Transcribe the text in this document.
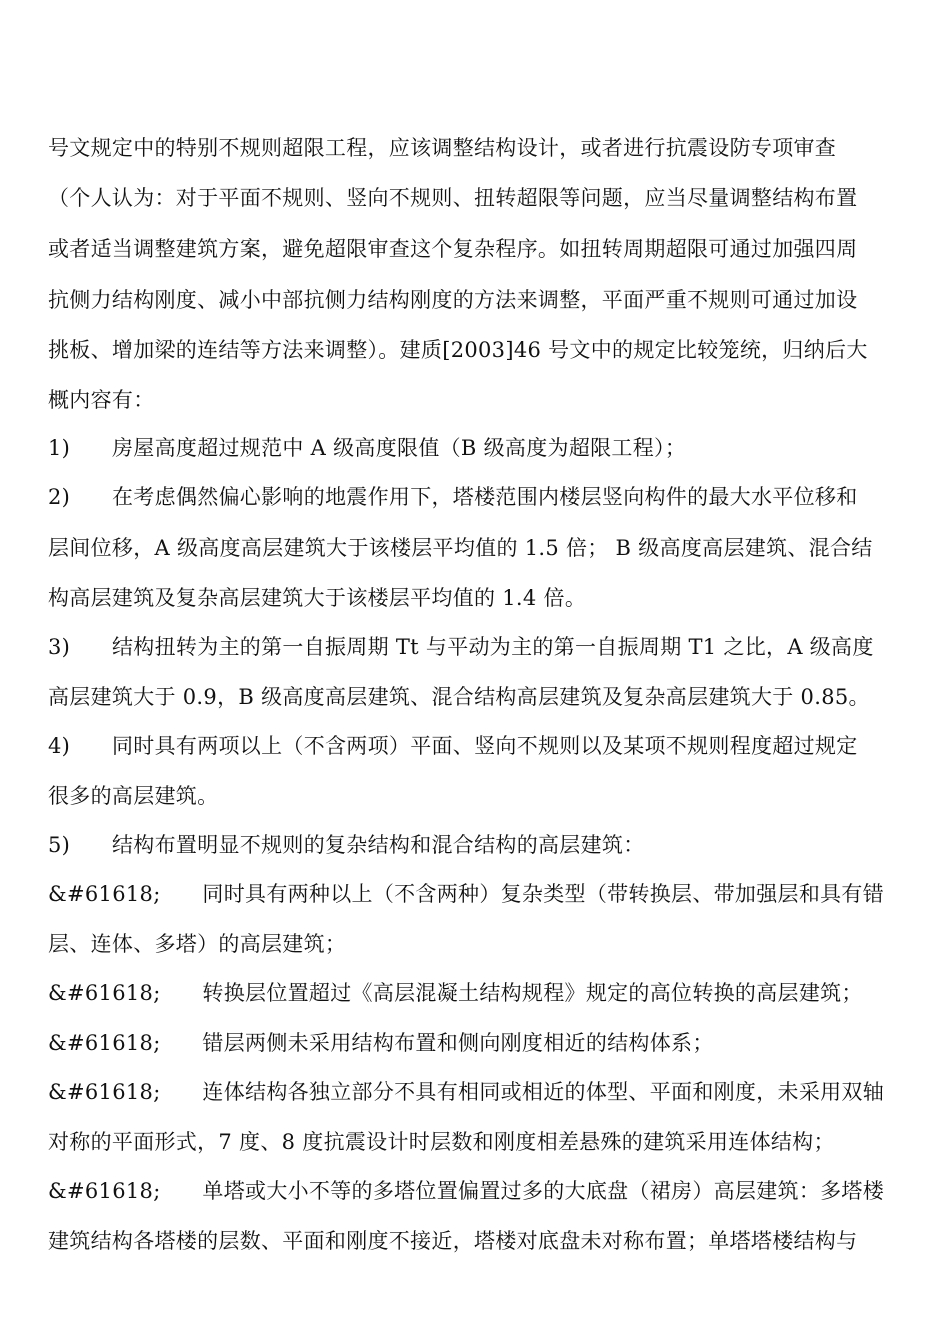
号文规定中的特别不规则超限工程，应该调整结构设计，或者进行抗震设防专项审查
（个人认为：对于平面不规则、竖向不规则、扭转超限等问题，应当尽量调整结构布置
或者适当调整建筑方案，避免超限审查这个复杂程序。如扭转周期超限可通过加强四周
抗侧力结构刚度、减小中部抗侧力结构刚度的方法来调整，平面严重不规则可通过加设
挑板、增加梁的连结等方法来调整）。建质[2003]46 号文中的规定比较笼统，归纳后大
概内容有：
1)      房屋高度超过规范中 A 级高度限值（B 级高度为超限工程）；
2)      在考虑偶然偏心影响的地震作用下，塔楼范围内楼层竖向构件的最大水平位移和
层间位移，A 级高度高层建筑大于该楼层平均值的 1.5 倍； B 级高度高层建筑、混合结
构高层建筑及复杂高层建筑大于该楼层平均值的 1.4 倍。
3)      结构扭转为主的第一自振周期 Tt 与平动为主的第一自振周期 T1 之比，A 级高度
高层建筑大于 0.9，B 级高度高层建筑、混合结构高层建筑及复杂高层建筑大于 0.85。
4)      同时具有两项以上（不含两项）平面、竖向不规则以及某项不规则程度超过规定
很多的高层建筑。
5)      结构布置明显不规则的复杂结构和混合结构的高层建筑：
&#61618;      同时具有两种以上（不含两种）复杂类型（带转换层、带加强层和具有错
层、连体、多塔）的高层建筑；
&#61618;      转换层位置超过《高层混凝土结构规程》规定的高位转换的高层建筑；
&#61618;      错层两侧未采用结构布置和侧向刚度相近的结构体系；
&#61618;      连体结构各独立部分不具有相同或相近的体型、平面和刚度，未采用双轴
对称的平面形式，7 度、8 度抗震设计时层数和刚度相差悬殊的建筑采用连体结构；
&#61618;      单塔或大小不等的多塔位置偏置过多的大底盘（裙房）高层建筑：多塔楼
建筑结构各塔楼的层数、平面和刚度不接近，塔楼对底盘未对称布置；单塔塔楼结构与
